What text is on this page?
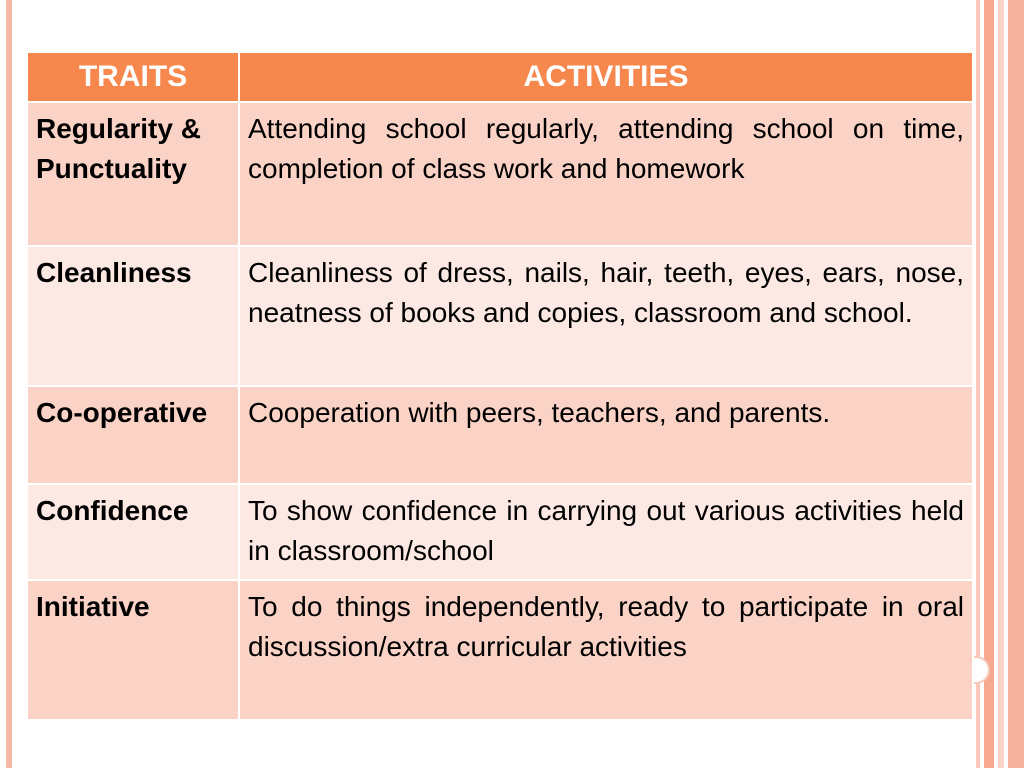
TRAITS	ACTIVITIES
Regularity & Punctuality	Attending school regularly, attending school on time, completion of class work and homework
Cleanliness	Cleanliness of dress, nails, hair, teeth, eyes, ears, nose, neatness of books and copies, classroom and school.
Co-operative	Cooperation with peers, teachers, and parents.
Confidence	To show confidence in carrying out various activities held in classroom/school
Initiative	To do things independently, ready to participate in oral discussion/extra curricular activities
